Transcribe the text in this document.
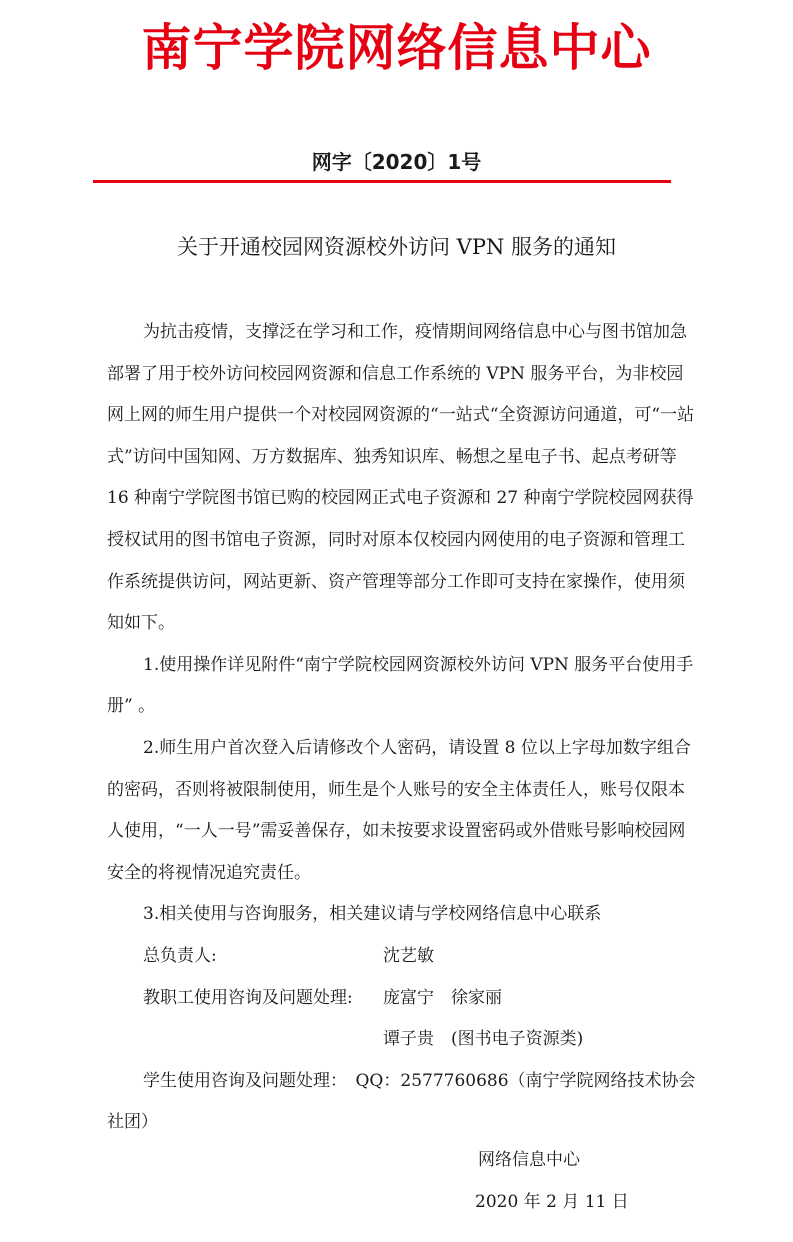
南宁学院网络信息中心
网字〔2020〕1号
关于开通校园网资源校外访问 VPN 服务的通知

为抗击疫情，支撑泛在学习和工作，疫情期间网络信息中心与图书馆加急部署了用于校外访问校园网资源和信息工作系统的 VPN 服务平台，为非校园网上网的师生用户提供一个对校园网资源的“一站式“全资源访问通道，可“一站式”访问中国知网、万方数据库、独秀知识库、畅想之星电子书、起点考研等 16 种南宁学院图书馆已购的校园网正式电子资源和 27 种南宁学院校园网获得授权试用的图书馆电子资源，同时对原本仅校园内网使用的电子资源和管理工作系统提供访问，网站更新、资产管理等部分工作即可支持在家操作，使用须知如下。

1.使用操作详见附件“南宁学院校园网资源校外访问 VPN 服务平台使用手册” 。

2.师生用户首次登入后请修改个人密码，请设置 8 位以上字母加数字组合的密码，否则将被限制使用，师生是个人账号的安全主体责任人，账号仅限本人使用，“一人一号”需妥善保存，如未按要求设置密码或外借账号影响校园网安全的将视情况追究责任。

3.相关使用与咨询服务，相关建议请与学校网络信息中心联系

总负责人:	沈艺敏
教职工使用咨询及问题处理:	庞富宁　徐家丽
谭子贵　(图书电子资源类)

学生使用咨询及问题处理：　QQ：2577760686（南宁学院网络技术协会社团）

网络信息中心
2020 年 2 月 11 日
